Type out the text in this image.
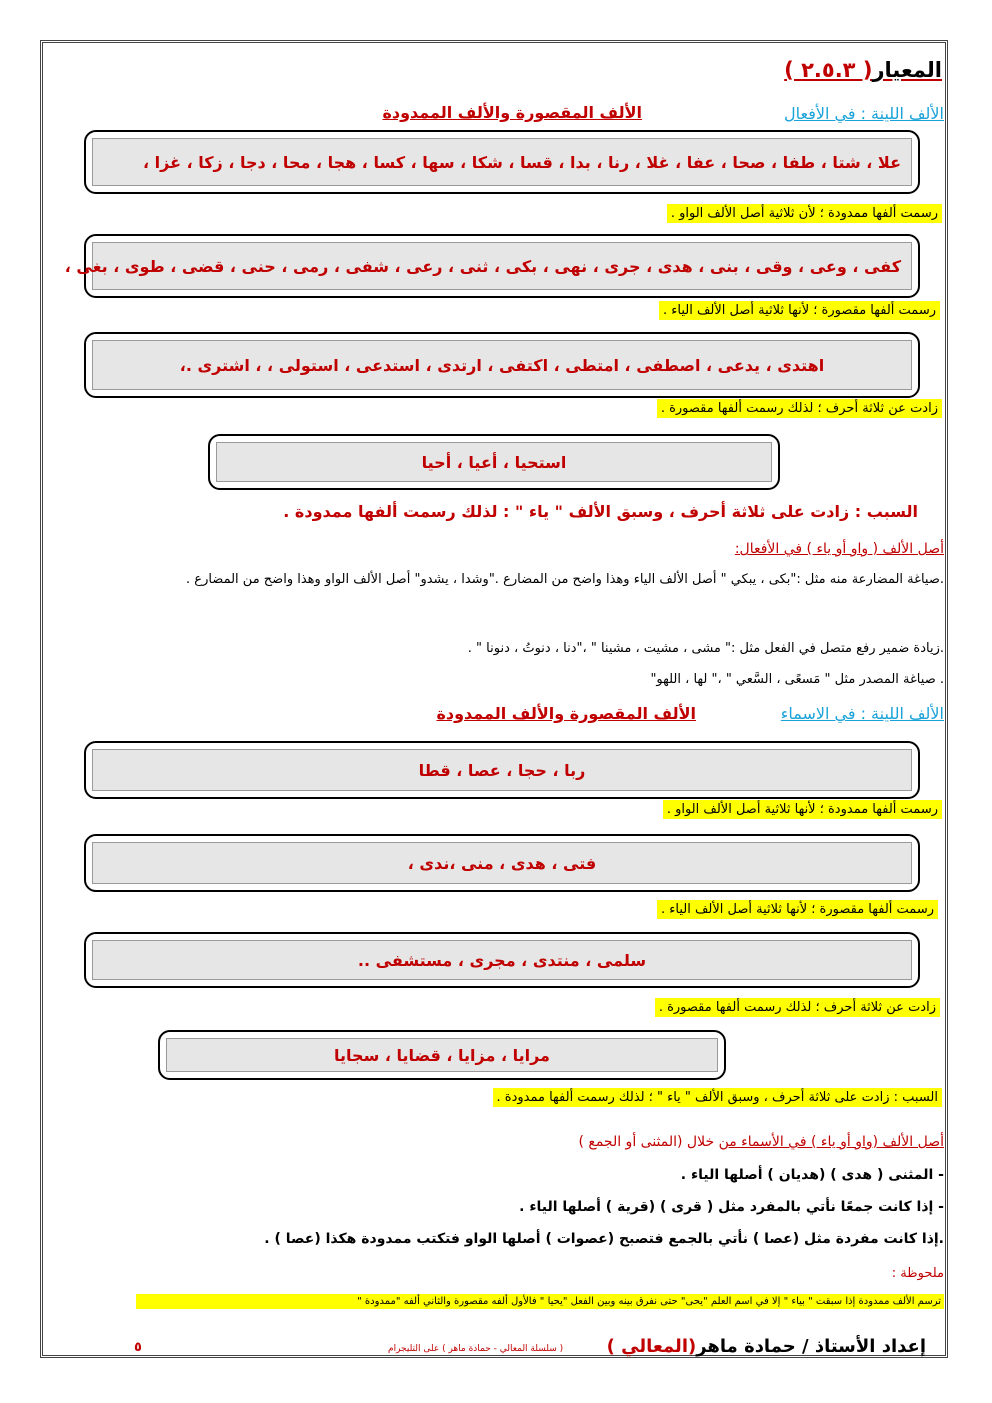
المعيار( ٢.٥.٣ )
الألف اللينة : في الأفعال
الألف المقصورة والألف الممدودة
علا ، شتا ، طفا ، صحا ، عفا ، غلا ، رنا ، بدا ، قسا ، شكا ، سها ، كسا ، هجا ، محا ، دجا ، زكا ، غزا ،
رسمت ألفها ممدودة ؛ لأن ثلاثية أصل الألف الواو .
كفى ، وعى ، وقى ، بنى ، هدى ، جرى ، نهى ، بكى ، ثنى ، رعى ، شفى ، رمى ، حنى ، قضى ، طوى ، بغى ،
رسمت ألفها مقصورة ؛ لأنها ثلاثية أصل الألف الياء .
اهتدى ، يدعى ، اصطفى ، امتطى ، اكتفى ، ارتدى ، استدعى ، استولى ، ، اشترى .،
زادت عن ثلاثة أحرف ؛ لذلك رسمت ألفها مقصورة .
استحيا ، أعيا ، أحيا
السبب : زادت على ثلاثة أحرف ، وسبق الألف " ياء " : لذلك رسمت ألفها ممدودة .
أصل الألف ( واو أو ياء ) في الأفعال:
.صياغة المضارعة منه مثل :"بكى ، يبكي " أصل الألف الياء وهذا واضح من المضارع ."وشدا ، يشدو" أصل الألف الواو وهذا واضح من المضارع .
.زيادة ضمير رفع متصل في الفعل مثل :" مشى ، مشيت ، مشينا " ،"دنا ، دنوتُ ، دنونا " .
. صياغة المصدر مثل " مَسعًى ، السَّعي " ،" لها ، اللهو"
الألف اللينة : في الاسماء
الألف المقصورة والألف الممدودة
ربا ، حجا ، عصا ، قطا
رسمت ألفها ممدودة ؛ لأنها ثلاثية أصل الألف الواو .
فتى ، هدى ، منى ،ندى ،
رسمت ألفها مقصورة ؛ لأنها ثلاثية أصل الألف الياء .
سلمى ، منتدى ، مجرى ، مستشفى ..
زادت عن ثلاثة أحرف ؛ لذلك رسمت ألفها مقصورة .
مرايا ، مزايا ، قضايا ، سجايا
السبب : زادت على ثلاثة أحرف ، وسبق الألف " ياء " ؛ لذلك رسمت ألفها ممدودة .
أصل الألف (واو أو ياء ) في الأسماء من خلال (المثنى أو الجمع )
- المثنى ( هدى ) (هديان ) أصلها الياء .
- إذا كانت جمعًا نأتي بالمفرد مثل ( قرى ) (قرية ) أصلها الياء .
.إذا كانت مفردة مثل (عصا ) نأتي بالجمع فتصبح (عصوات ) أصلها الواو فتكتب ممدودة هكذا (عصا ) .
ملحوظة :
ترسم الألف ممدودة إذا سبقت " بياء " إلا في اسم العلم "يحى" حتى نفرق بينه وبين الفعل "يحيا " فالأول ألفه مقصورة والثاني ألفه "ممدودة "
إعداد الأستاذ / حمادة ماهر(المعالي )
( سلسلة المعالي - حمادة ماهر ) على التليجرام
٥
